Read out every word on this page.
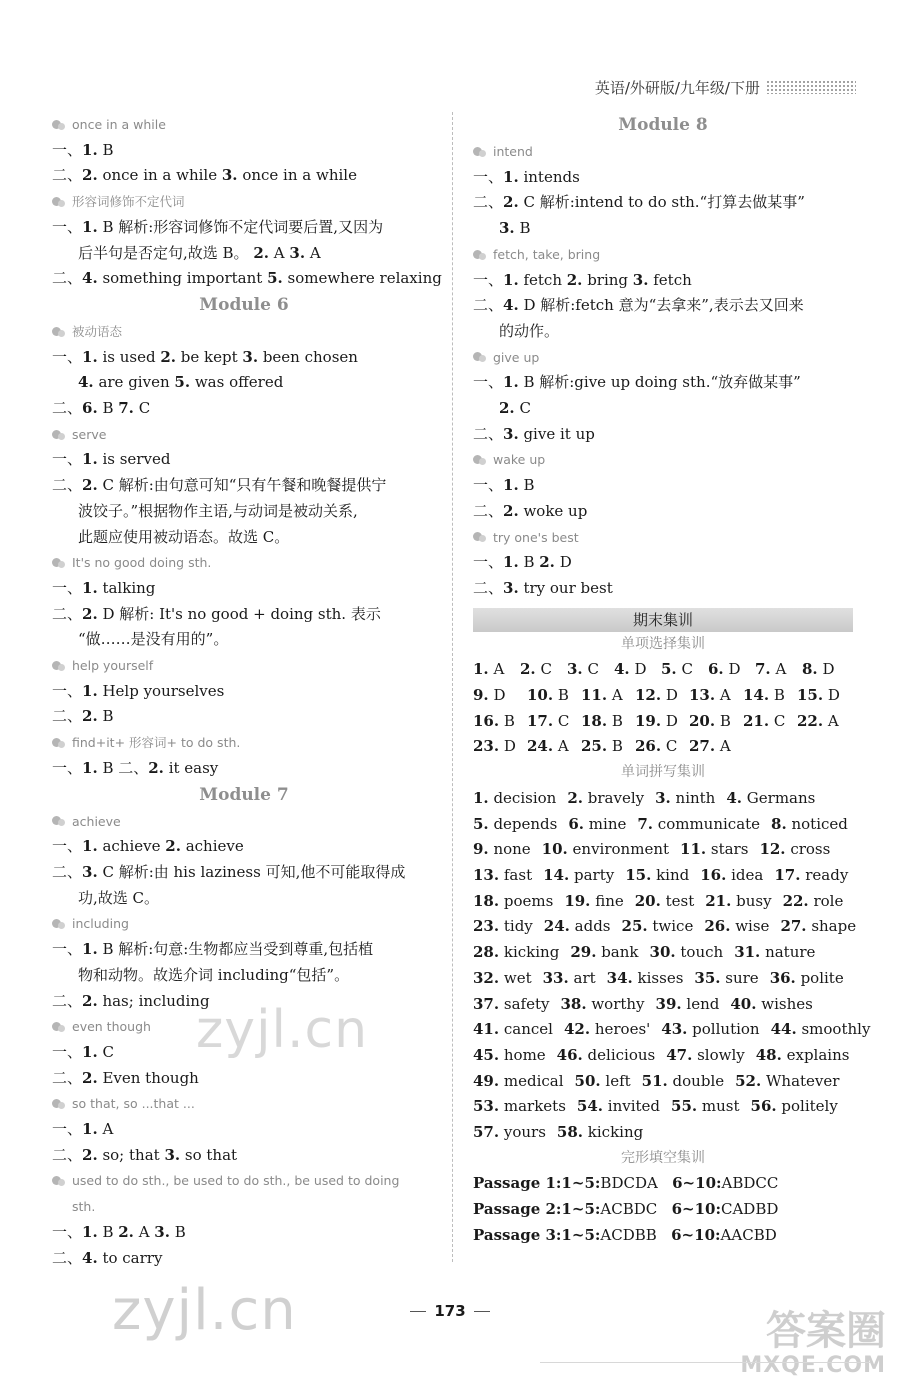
英语/外研版/九年级/下册
once in a while
一、1. B
二、2. once in a while 3. once in a while
形容词修饰不定代词
一、1. B 解析:形容词修饰不定代词要后置,又因为
后半句是否定句,故选 B。 2. A 3. A
二、4. something important 5. somewhere relaxing
Module 6
被动语态
一、1. is used 2. be kept 3. been chosen
4. are given 5. was offered
二、6. B 7. C
serve
一、1. is served
二、2. C 解析:由句意可知“只有午餐和晚餐提供宁
波饺子。”根据物作主语,与动词是被动关系,
此题应使用被动语态。故选 C。
It's no good doing sth.
一、1. talking
二、2. D 解析: It's no good + doing sth. 表示
“做……是没有用的”。
help yourself
一、1. Help yourselves
二、2. B
find+it+ 形容词+ to do sth.
一、1. B 二、2. it easy
Module 7
achieve
一、1. achieve 2. achieve
二、3. C 解析:由 his laziness 可知,他不可能取得成
功,故选 C。
including
一、1. B 解析:句意:生物都应当受到尊重,包括植
物和动物。故选介词 including“包括”。
二、2. has; including
even though
一、1. C
二、2. Even though
so that, so ...that ...
一、1. A
二、2. so; that 3. so that
used to do sth., be used to do sth., be used to doing
sth.
一、1. B 2. A 3. B
二、4. to carry
Module 8
intend
一、1. intends
二、2. C 解析:intend to do sth.“打算去做某事”
3. B
fetch, take, bring
一、1. fetch 2. bring 3. fetch
二、4. D 解析:fetch 意为“去拿来”,表示去又回来
的动作。
give up
一、1. B 解析:give up doing sth.“放弃做某事”
2. C
二、3. give it up
wake up
一、1. B
二、2. woke up
try one's best
一、1. B 2. D
二、3. try our best
期末集训
单项选择集训
1. A	2. C	3. C	4. D 5. C	6. D 7. A	8. D
9. D	10. B 11. A 12. D 13. A 14. B 15. D
16. B 17. C 18. B 19. D 20. B 21. C 22. A
23. D 24. A 25. B 26. C 27. A
单词拼写集训
1. decision 2. bravely 3. ninth 4. Germans
5. depends 6. mine 7. communicate 8. noticed
9. none 10. environment 11. stars 12. cross
13. fast 14. party 15. kind 16. idea 17. ready
18. poems 19. fine 20. test 21. busy 22. role
23. tidy 24. adds 25. twice 26. wise 27. shape
28. kicking 29. bank 30. touch 31. nature
32. wet 33. art 34. kisses 35. sure 36. polite
37. safety 38. worthy 39. lend 40. wishes
41. cancel 42. heroes' 43. pollution 44. smoothly
45. home 46. delicious 47. slowly 48. explains
49. medical 50. left 51. double 52. Whatever
53. markets 54. invited 55. must 56. politely
57. yours 58. kicking
完形填空集训
Passage 1:1~5:BDCDA 6~10:ABDCC
Passage 2:1~5:ACBDC 6~10:CADBD
Passage 3:1~5:ACDBB 6~10:AACBD
zyjl.cn
zyjl.cn	173	答案圈
MXQE.COM
